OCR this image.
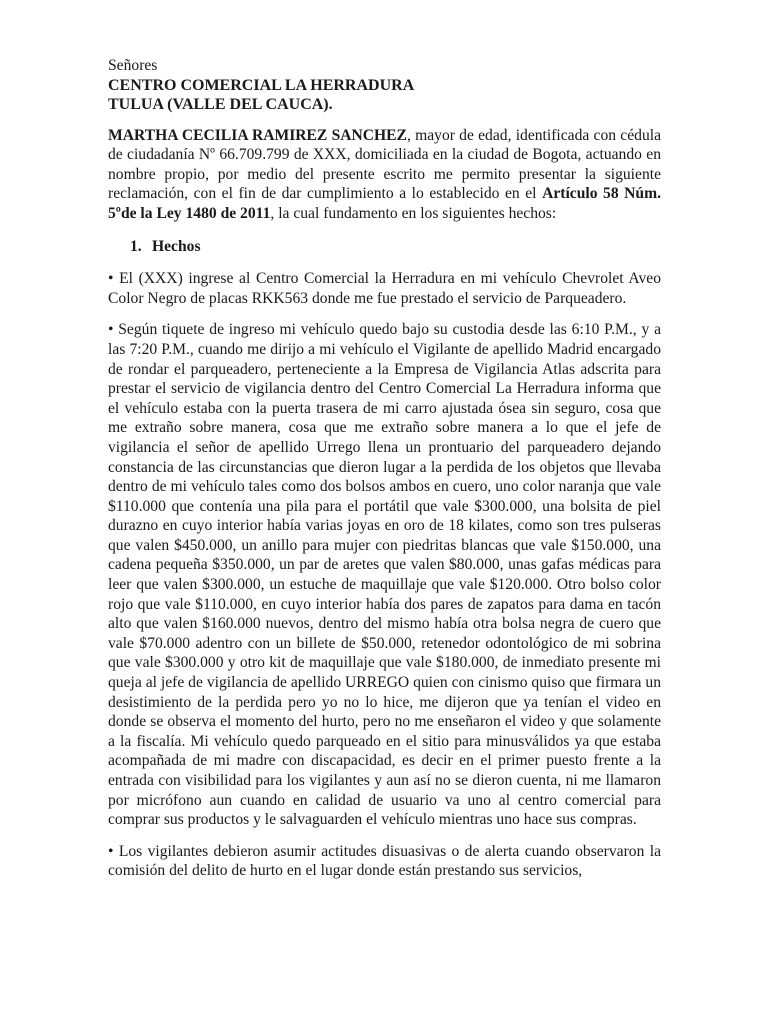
Señores

CENTRO COMERCIAL LA HERRADURA

TULUA (VALLE DEL CAUCA).

MARTHA CECILIA RAMIREZ SANCHEZ, mayor de edad, identificada con cédula de ciudadanía Nº 66.709.799 de XXX, domiciliada en la ciudad de Bogota, actuando en nombre propio, por medio del presente escrito me permito presentar la siguiente reclamación, con el fin de dar cumplimiento a lo establecido en el Artículo 58 Núm. 5ºde la Ley 1480 de 2011, la cual fundamento en los siguientes hechos:

1. Hechos

• El (XXX) ingrese al Centro Comercial la Herradura en mi vehículo Chevrolet Aveo Color Negro de placas RKK563 donde me fue prestado el servicio de Parqueadero.

• Según tiquete de ingreso mi vehículo quedo bajo su custodia desde las 6:10 P.M., y a las 7:20 P.M., cuando me dirijo a mi vehículo el Vigilante de apellido Madrid encargado de rondar el parqueadero, perteneciente a la Empresa de Vigilancia Atlas adscrita para prestar el servicio de vigilancia dentro del Centro Comercial La Herradura informa que el vehículo estaba con la puerta trasera de mi carro ajustada ósea sin seguro, cosa que me extraño sobre manera, cosa que me extraño sobre manera a lo que el jefe de vigilancia el señor de apellido Urrego llena un prontuario del parqueadero dejando constancia de las circunstancias que dieron lugar a la perdida de los objetos que llevaba dentro de mi vehículo tales como dos bolsos ambos en cuero, uno color naranja que vale $110.000 que contenía una pila para el portátil que vale $300.000, una bolsita de piel durazno en cuyo interior había varias joyas en oro de 18 kilates, como son tres pulseras que valen $450.000, un anillo para mujer con piedritas blancas que vale $150.000, una cadena pequeña $350.000, un par de aretes que valen $80.000, unas gafas médicas para leer que valen $300.000, un estuche de maquillaje que vale $120.000. Otro bolso color rojo que vale $110.000, en cuyo interior había dos pares de zapatos para dama en tacón alto que valen $160.000 nuevos, dentro del mismo había otra bolsa negra de cuero que vale $70.000 adentro con un billete de $50.000, retenedor odontológico de mi sobrina que vale $300.000 y otro kit de maquillaje que vale $180.000, de inmediato presente mi queja al jefe de vigilancia de apellido URREGO quien con cinismo quiso que firmara un desistimiento de la perdida pero yo no lo hice, me dijeron que ya tenían el video en donde se observa el momento del hurto, pero no me enseñaron el video y que solamente a la fiscalía. Mi vehículo quedo parqueado en el sitio para minusválidos ya que estaba acompañada de mi madre con discapacidad, es decir en el primer puesto frente a la entrada con visibilidad para los vigilantes y aun así no se dieron cuenta, ni me llamaron por micrófono aun cuando en calidad de usuario va uno al centro comercial para comprar sus productos y le salvaguarden el vehículo mientras uno hace sus compras.

• Los vigilantes debieron asumir actitudes disuasivas o de alerta cuando observaron la comisión del delito de hurto en el lugar donde están prestando sus servicios,
